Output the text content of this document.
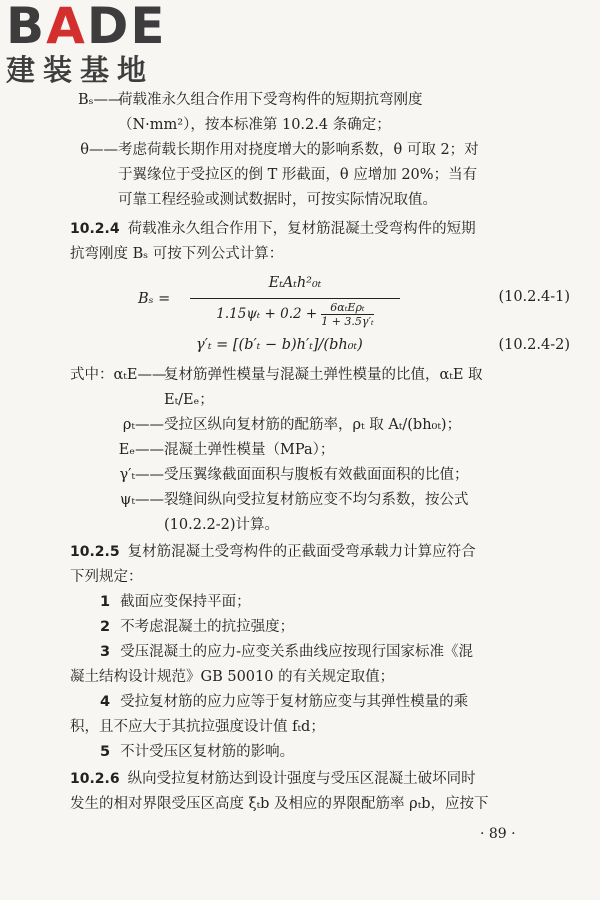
BADE
建装基地
Bₛ——

荷载准永久组合作用下受弯构件的短期抗弯刚度

（N·mm²），按本标准第 10.2.4 条确定；

θ—— 考虑荷载长期作用对挠度增大的影响系数，θ 可取 2；对

于翼缘位于受拉区的倒 T 形截面，θ 应增加 20%；当有

可靠工程经验或测试数据时，可按实际情况取值。

10.2.4 荷载准永久组合作用下，复材筋混凝土受弯构件的短期

抗弯刚度 Bₛ 可按下列公式计算：

Bₛ =
EₜAₜh²₀ₜ
1.15ψₜ + 0.2 +	6αₜEρₜ
1 + 3.5γ′ₜ
(10.2.4-1)
γ′ₜ = [(b′ₜ − b)h′ₜ]/(bh₀ₜ)	(10.2.4-2)
式中：αₜE——

复材筋弹性模量与混凝土弹性模量的比值，αₜE 取

Eₜ/Eₑ；

ρₜ—— 受拉区纵向复材筋的配筋率，ρₜ 取 Aₜ/(bh₀ₜ)；

Eₑ—— 混凝土弹性模量（MPa）；

γ′ₜ—— 受压翼缘截面面积与腹板有效截面面积的比值；

ψₜ—— 裂缝间纵向受拉复材筋应变不均匀系数，按公式

(10.2.2-2)计算。

10.2.5 复材筋混凝土受弯构件的正截面受弯承载力计算应符合

下列规定：

1 截面应变保持平面；

2 不考虑混凝土的抗拉强度；

3 受压混凝土的应力-应变关系曲线应按现行国家标准《混

凝土结构设计规范》GB 50010 的有关规定取值；

4 受拉复材筋的应力应等于复材筋应变与其弹性模量的乘

积，且不应大于其抗拉强度设计值 fₜd；

5 不计受压区复材筋的影响。

10.2.6 纵向受拉复材筋达到设计强度与受压区混凝土破坏同时

发生的相对界限受压区高度 ξₜb 及相应的界限配筋率 ρₜb，应按下

· 89 ·
